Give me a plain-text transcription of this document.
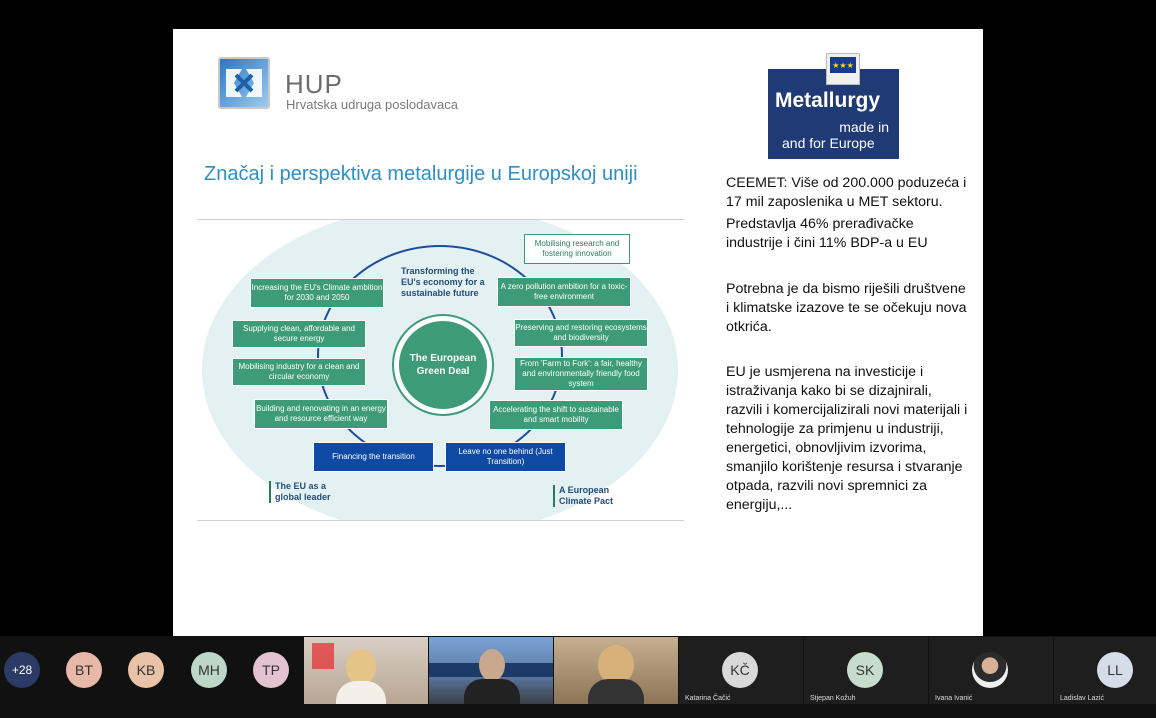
HUP
Hrvatska udruga poslodavaca
Značaj i perspektiva metalurgije u Europskoj uniji
★★★
Metallurgy
made in
and for Europe
CEEMET: Više od 200.000 poduzeća i 17 mil zaposlenika u MET sektoru.
Predstavlja 46% prerađivačke industrije i čini 11% BDP-a u EU
Potrebna je da bismo riješili društvene i klimatske izazove te se očekuju nova otkrića.
EU je usmjerena na investicije i istraživanja kako bi se dizajnirali, razvili i komercijalizirali novi materijali i tehnologije za primjenu u industriji, energetici, obnovljivim izvorima, smanjilo korištenje resursa i stvaranje otpada, razvili novi spremnici za energiju,...
The European Green Deal
Transforming the EU's economy for a sustainable future
Increasing the EU's Climate ambition for 2030 and 2050
Supplying clean, affordable and secure energy
Mobilising industry for a clean and circular economy
Building and renovating in an energy and resource efficient way
Mobilising research and fostering innovation
A zero pollution ambition for a toxic-free environment
Preserving and restoring ecosystems and biodiversity
From 'Farm to Fork': a fair, healthy and environmentally friendly food system
Accelerating the shift to sustainable and smart mobility
Financing the transition
Leave no one behind (Just Transition)
The EU as a global leader
A European Climate Pact
+28	BT	KB	MH	TP	KČ
Katarina Čačić
SK
Stjepan Kožuh	Ivana Ivanić
LL
Ladislav Lazić
